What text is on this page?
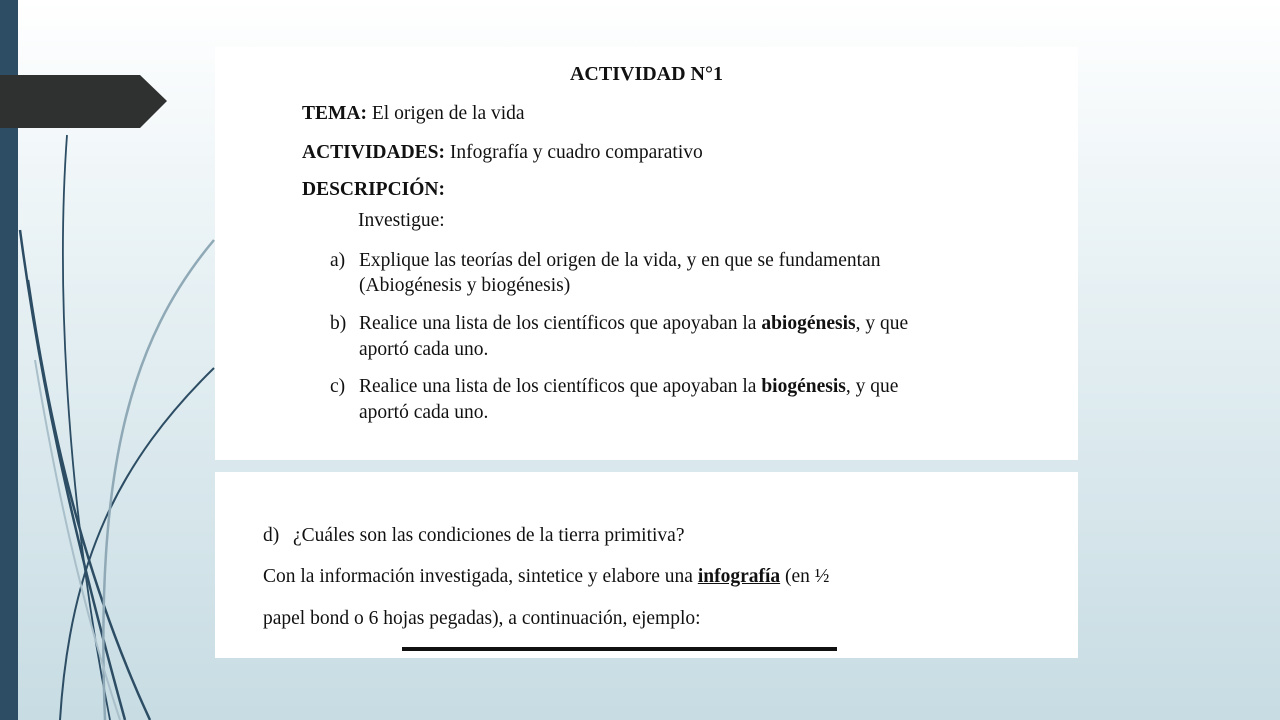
ACTIVIDAD N°1
TEMA: El origen de la vida
ACTIVIDADES: Infografía y cuadro comparativo
DESCRIPCIÓN:
Investigue:
a) Explique las teorías del origen de la vida, y en que se fundamentan
(Abiogénesis y biogénesis)
b) Realice una lista de los científicos que apoyaban la abiogénesis, y que
aportó cada uno.
c) Realice una lista de los científicos que apoyaban la biogénesis, y que
aportó cada uno.
d) ¿Cuáles son las condiciones de la tierra primitiva?
Con la información investigada, sintetice y elabore una infografía (en ½
papel bond o 6 hojas pegadas), a continuación, ejemplo:
